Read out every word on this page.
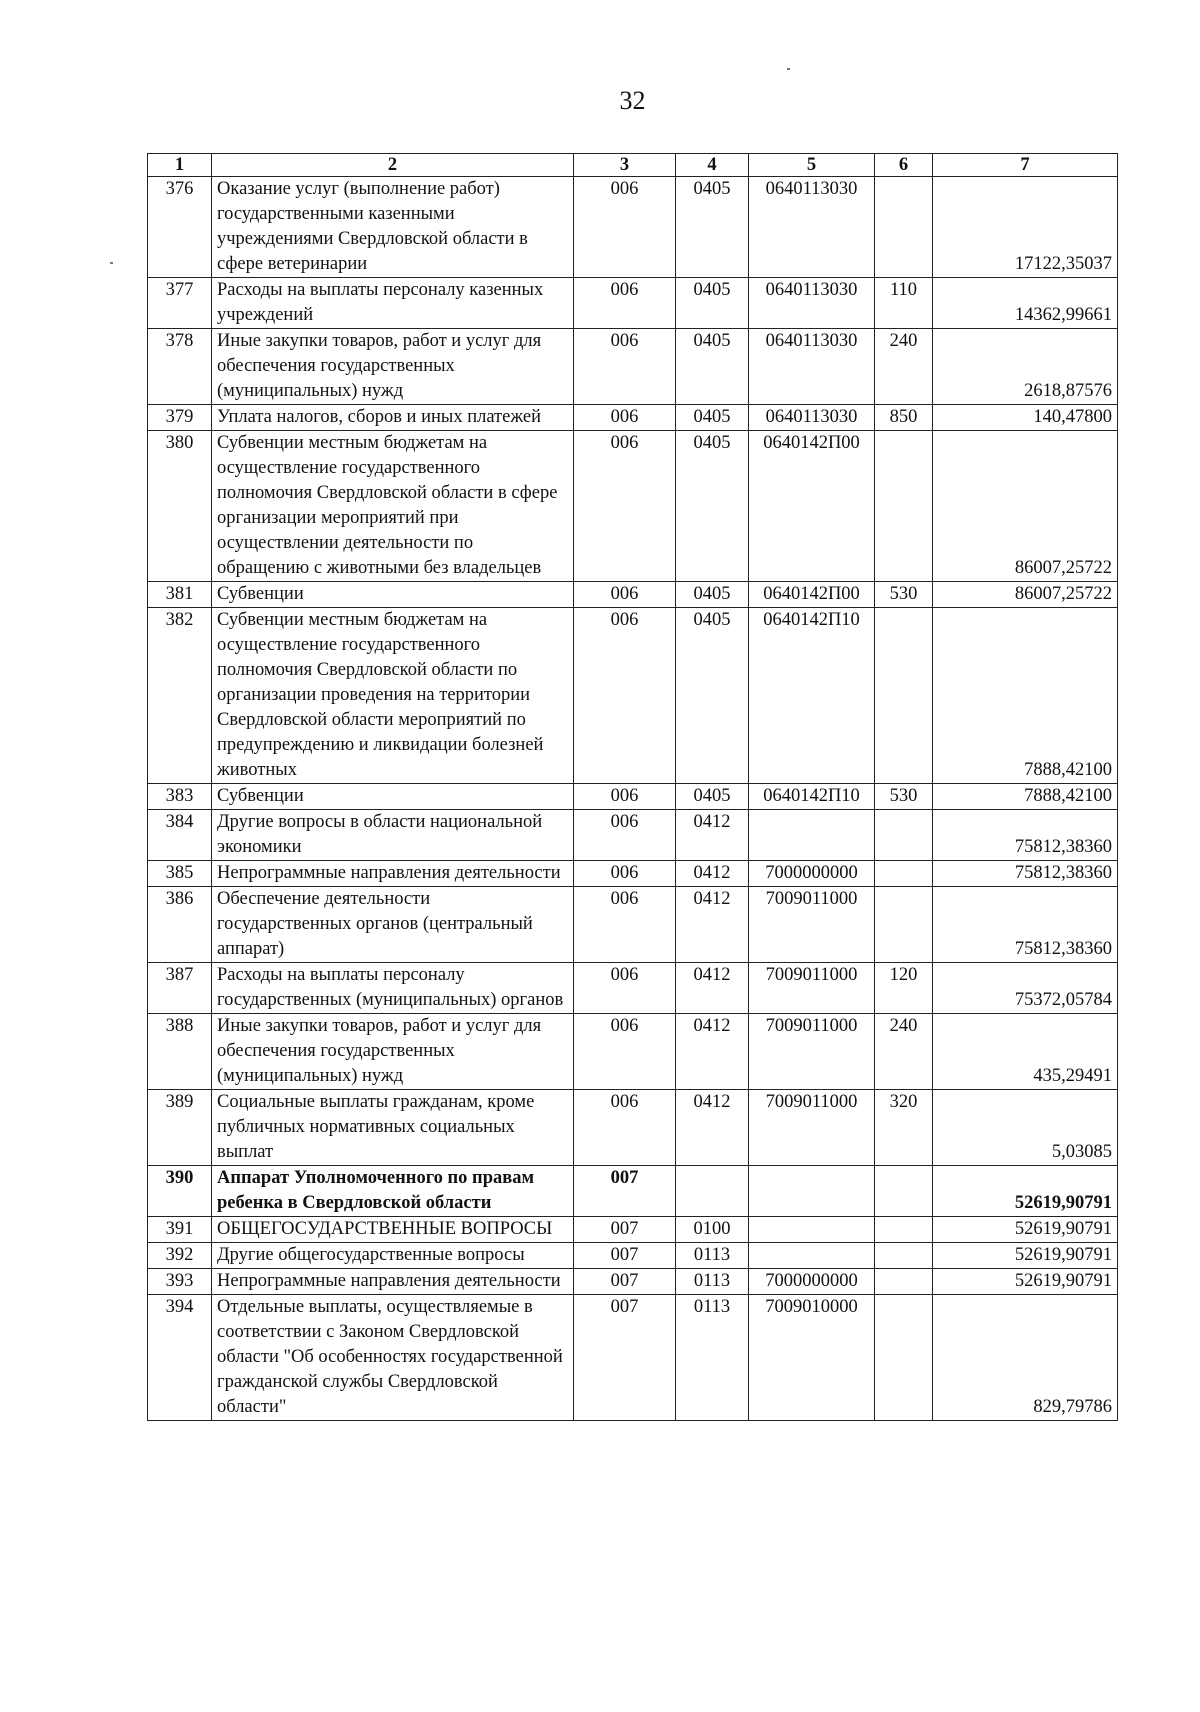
32
1	2	3	4	5	6	7
376	Оказание услуг (выполнение работ) государственными казенными учреждениями Свердловской области в сфере ветеринарии	006	0405	0640113030		17122,35037
377	Расходы на выплаты персоналу казенных учреждений	006	0405	0640113030	110	14362,99661
378	Иные закупки товаров, работ и услуг для обеспечения государственных (муниципальных) нужд	006	0405	0640113030	240	2618,87576
379	Уплата налогов, сборов и иных платежей	006	0405	0640113030	850	140,47800
380	Субвенции местным бюджетам на осуществление государственного полномочия Свердловской области в сфере организации мероприятий при осуществлении деятельности по обращению с животными без владельцев	006	0405	0640142П00		86007,25722
381	Субвенции	006	0405	0640142П00	530	86007,25722
382	Субвенции местным бюджетам на осуществление государственного полномочия Свердловской области по организации проведения на территории Свердловской области мероприятий по предупреждению и ликвидации болезней животных	006	0405	0640142П10		7888,42100
383	Субвенции	006	0405	0640142П10	530	7888,42100
384	Другие вопросы в области национальной экономики	006	0412			75812,38360
385	Непрограммные направления деятельности	006	0412	7000000000		75812,38360
386	Обеспечение деятельности государственных органов (центральный аппарат)	006	0412	7009011000		75812,38360
387	Расходы на выплаты персоналу государственных (муниципальных) органов	006	0412	7009011000	120	75372,05784
388	Иные закупки товаров, работ и услуг для обеспечения государственных (муниципальных) нужд	006	0412	7009011000	240	435,29491
389	Социальные выплаты гражданам, кроме публичных нормативных социальных выплат	006	0412	7009011000	320	5,03085
390	Аппарат Уполномоченного по правам ребенка в Свердловской области	007				52619,90791
391	ОБЩЕГОСУДАРСТВЕННЫЕ ВОПРОСЫ	007	0100			52619,90791
392	Другие общегосударственные вопросы	007	0113			52619,90791
393	Непрограммные направления деятельности	007	0113	7000000000		52619,90791
394	Отдельные выплаты, осуществляемые в соответствии с Законом Свердловской области "Об особенностях государственной гражданской службы Свердловской области"	007	0113	7009010000		829,79786
